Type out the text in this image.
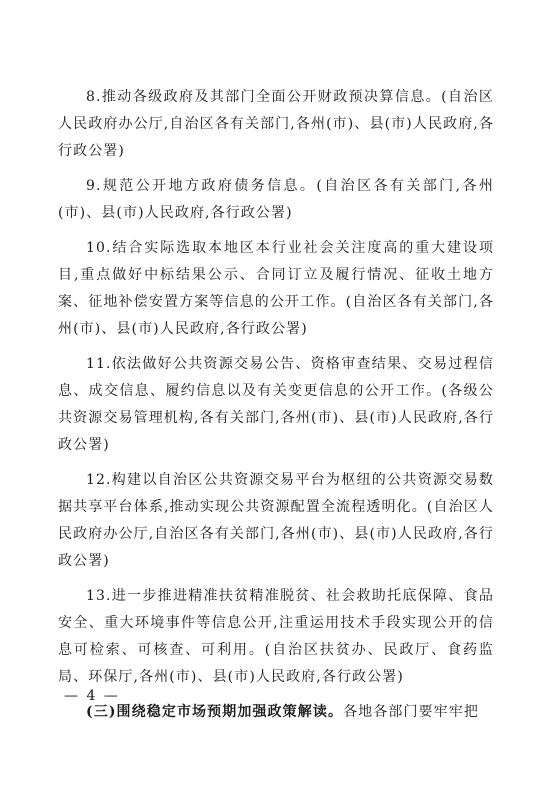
8.推动各级政府及其部门全面公开财政预决算信息。(自治区人民政府办公厅,自治区各有关部门,各州(市)、县(市)人民政府,各行政公署)

9.规范公开地方政府债务信息。(自治区各有关部门,各州(市)、县(市)人民政府,各行政公署)

10.结合实际选取本地区本行业社会关注度高的重大建设项目,重点做好中标结果公示、合同订立及履行情况、征收土地方案、征地补偿安置方案等信息的公开工作。(自治区各有关部门,各州(市)、县(市)人民政府,各行政公署)

11.依法做好公共资源交易公告、资格审查结果、交易过程信息、成交信息、履约信息以及有关变更信息的公开工作。(各级公共资源交易管理机构,各有关部门,各州(市)、县(市)人民政府,各行政公署)

12.构建以自治区公共资源交易平台为枢纽的公共资源交易数据共享平台体系,推动实现公共资源配置全流程透明化。(自治区人民政府办公厅,自治区各有关部门,各州(市)、县(市)人民政府,各行政公署)

13.进一步推进精准扶贫精准脱贫、社会救助托底保障、食品安全、重大环境事件等信息公开,注重运用技术手段实现公开的信息可检索、可核查、可利用。(自治区扶贫办、民政厅、食药监局、环保厅,各州(市)、县(市)人民政府,各行政公署)

(三)围绕稳定市场预期加强政策解读。各地各部门要牢牢把

— 4 —
